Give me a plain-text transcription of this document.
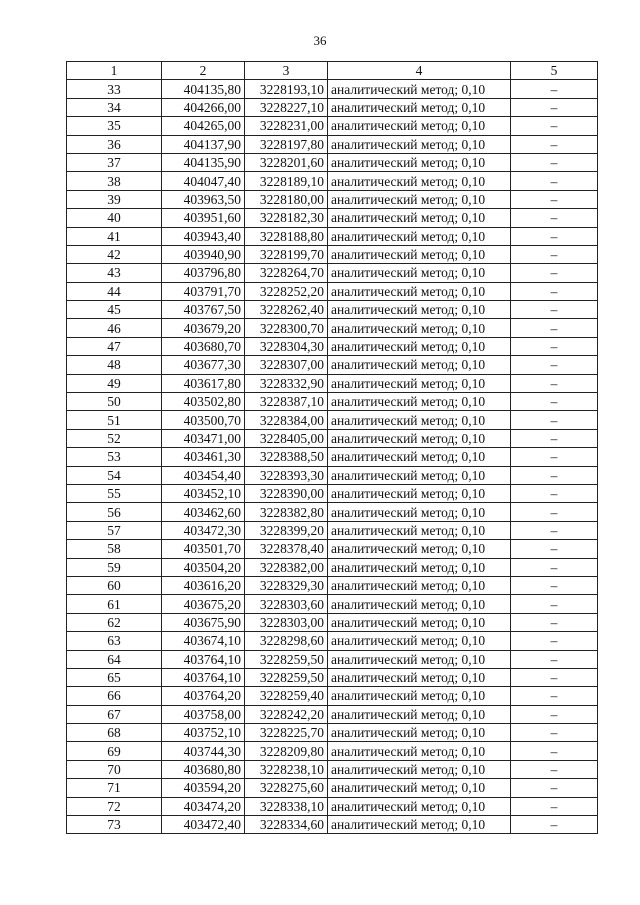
36
1	2	3	4	5
33	404135,80	3228193,10	аналитический метод; 0,10	–
34	404266,00	3228227,10	аналитический метод; 0,10	–
35	404265,00	3228231,00	аналитический метод; 0,10	–
36	404137,90	3228197,80	аналитический метод; 0,10	–
37	404135,90	3228201,60	аналитический метод; 0,10	–
38	404047,40	3228189,10	аналитический метод; 0,10	–
39	403963,50	3228180,00	аналитический метод; 0,10	–
40	403951,60	3228182,30	аналитический метод; 0,10	–
41	403943,40	3228188,80	аналитический метод; 0,10	–
42	403940,90	3228199,70	аналитический метод; 0,10	–
43	403796,80	3228264,70	аналитический метод; 0,10	–
44	403791,70	3228252,20	аналитический метод; 0,10	–
45	403767,50	3228262,40	аналитический метод; 0,10	–
46	403679,20	3228300,70	аналитический метод; 0,10	–
47	403680,70	3228304,30	аналитический метод; 0,10	–
48	403677,30	3228307,00	аналитический метод; 0,10	–
49	403617,80	3228332,90	аналитический метод; 0,10	–
50	403502,80	3228387,10	аналитический метод; 0,10	–
51	403500,70	3228384,00	аналитический метод; 0,10	–
52	403471,00	3228405,00	аналитический метод; 0,10	–
53	403461,30	3228388,50	аналитический метод; 0,10	–
54	403454,40	3228393,30	аналитический метод; 0,10	–
55	403452,10	3228390,00	аналитический метод; 0,10	–
56	403462,60	3228382,80	аналитический метод; 0,10	–
57	403472,30	3228399,20	аналитический метод; 0,10	–
58	403501,70	3228378,40	аналитический метод; 0,10	–
59	403504,20	3228382,00	аналитический метод; 0,10	–
60	403616,20	3228329,30	аналитический метод; 0,10	–
61	403675,20	3228303,60	аналитический метод; 0,10	–
62	403675,90	3228303,00	аналитический метод; 0,10	–
63	403674,10	3228298,60	аналитический метод; 0,10	–
64	403764,10	3228259,50	аналитический метод; 0,10	–
65	403764,10	3228259,50	аналитический метод; 0,10	–
66	403764,20	3228259,40	аналитический метод; 0,10	–
67	403758,00	3228242,20	аналитический метод; 0,10	–
68	403752,10	3228225,70	аналитический метод; 0,10	–
69	403744,30	3228209,80	аналитический метод; 0,10	–
70	403680,80	3228238,10	аналитический метод; 0,10	–
71	403594,20	3228275,60	аналитический метод; 0,10	–
72	403474,20	3228338,10	аналитический метод; 0,10	–
73	403472,40	3228334,60	аналитический метод; 0,10	–
